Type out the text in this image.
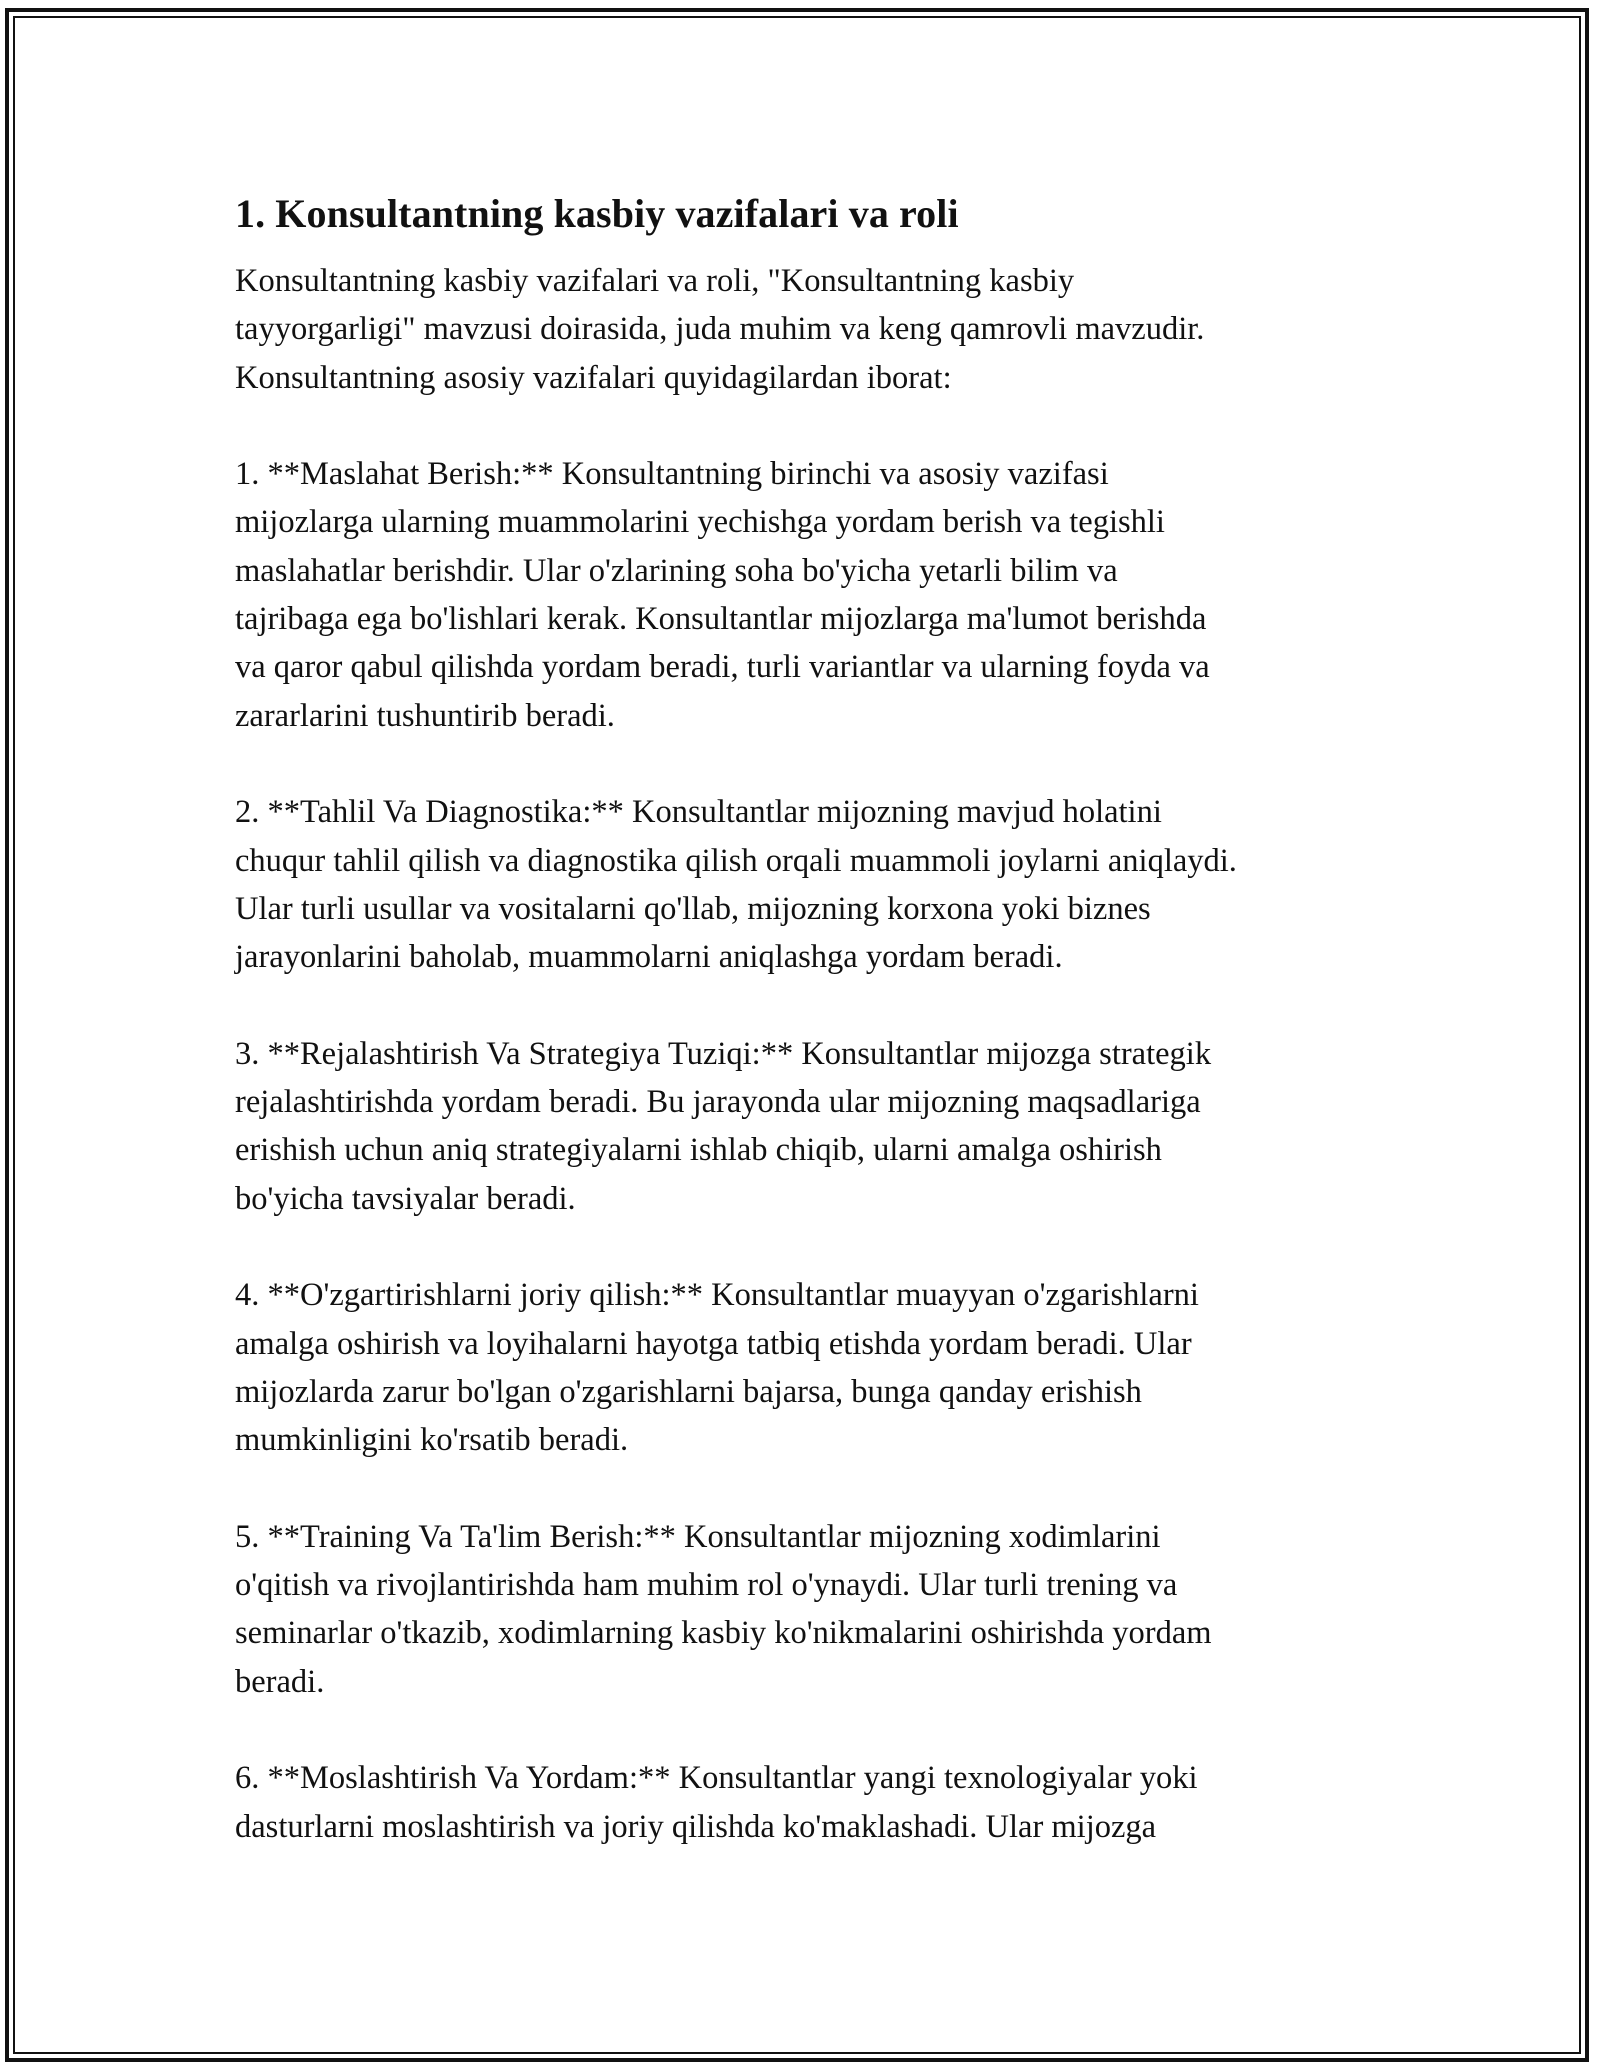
1. Konsultantning kasbiy vazifalari va roli

Konsultantning kasbiy vazifalari va roli, "Konsultantning kasbiy
tayyorgarligi" mavzusi doirasida, juda muhim va keng qamrovli mavzudir.
Konsultantning asosiy vazifalari quyidagilardan iborat:

1. **Maslahat Berish:** Konsultantning birinchi va asosiy vazifasi
mijozlarga ularning muammolarini yechishga yordam berish va tegishli
maslahatlar berishdir. Ular o'zlarining soha bo'yicha yetarli bilim va
tajribaga ega bo'lishlari kerak. Konsultantlar mijozlarga ma'lumot berishda
va qaror qabul qilishda yordam beradi, turli variantlar va ularning foyda va
zararlarini tushuntirib beradi.

2. **Tahlil Va Diagnostika:** Konsultantlar mijozning mavjud holatini
chuqur tahlil qilish va diagnostika qilish orqali muammoli joylarni aniqlaydi.
Ular turli usullar va vositalarni qo'llab, mijozning korxona yoki biznes
jarayonlarini baholab, muammolarni aniqlashga yordam beradi.

3. **Rejalashtirish Va Strategiya Tuziqi:** Konsultantlar mijozga strategik
rejalashtirishda yordam beradi. Bu jarayonda ular mijozning maqsadlariga
erishish uchun aniq strategiyalarni ishlab chiqib, ularni amalga oshirish
bo'yicha tavsiyalar beradi.

4. **O'zgartirishlarni joriy qilish:** Konsultantlar muayyan o'zgarishlarni
amalga oshirish va loyihalarni hayotga tatbiq etishda yordam beradi. Ular
mijozlarda zarur bo'lgan o'zgarishlarni bajarsa, bunga qanday erishish
mumkinligini ko'rsatib beradi.

5. **Training Va Ta'lim Berish:** Konsultantlar mijozning xodimlarini
o'qitish va rivojlantirishda ham muhim rol o'ynaydi. Ular turli trening va
seminarlar o'tkazib, xodimlarning kasbiy ko'nikmalarini oshirishda yordam
beradi.

6. **Moslashtirish Va Yordam:** Konsultantlar yangi texnologiyalar yoki
dasturlarni moslashtirish va joriy qilishda ko'maklashadi. Ular mijozga
